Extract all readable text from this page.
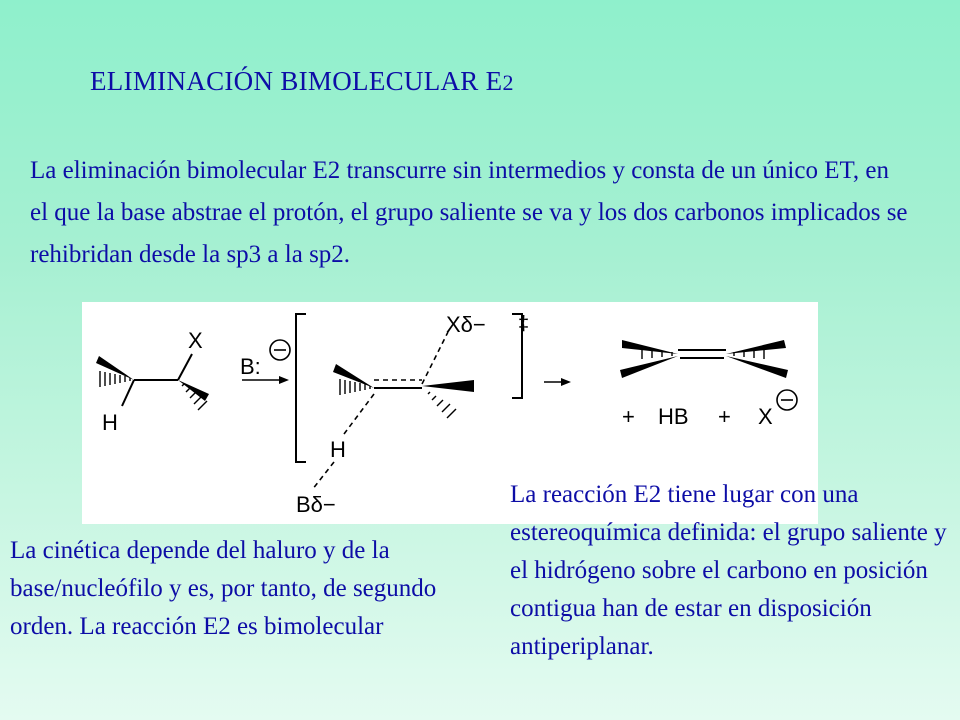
ELIMINACIÓN BIMOLECULAR E2
La eliminación bimolecular E2 transcurre sin intermedios y consta de un único ET, en el que la base abstrae el protón, el grupo saliente se va y los dos carbonos implicados se rehibridan desde la sp3 a la sp2.
X
H
B:
Xδ− ‡
H
Bδ−
+ HB + X
La cinética depende del haluro y de la base/nucleófilo y es, por tanto, de segundo orden. La reacción E2 es bimolecular
La reacción E2 tiene lugar con una estereoquímica definida: el grupo saliente y el hidrógeno sobre el carbono en posición contigua han de estar en disposición antiperiplanar.
